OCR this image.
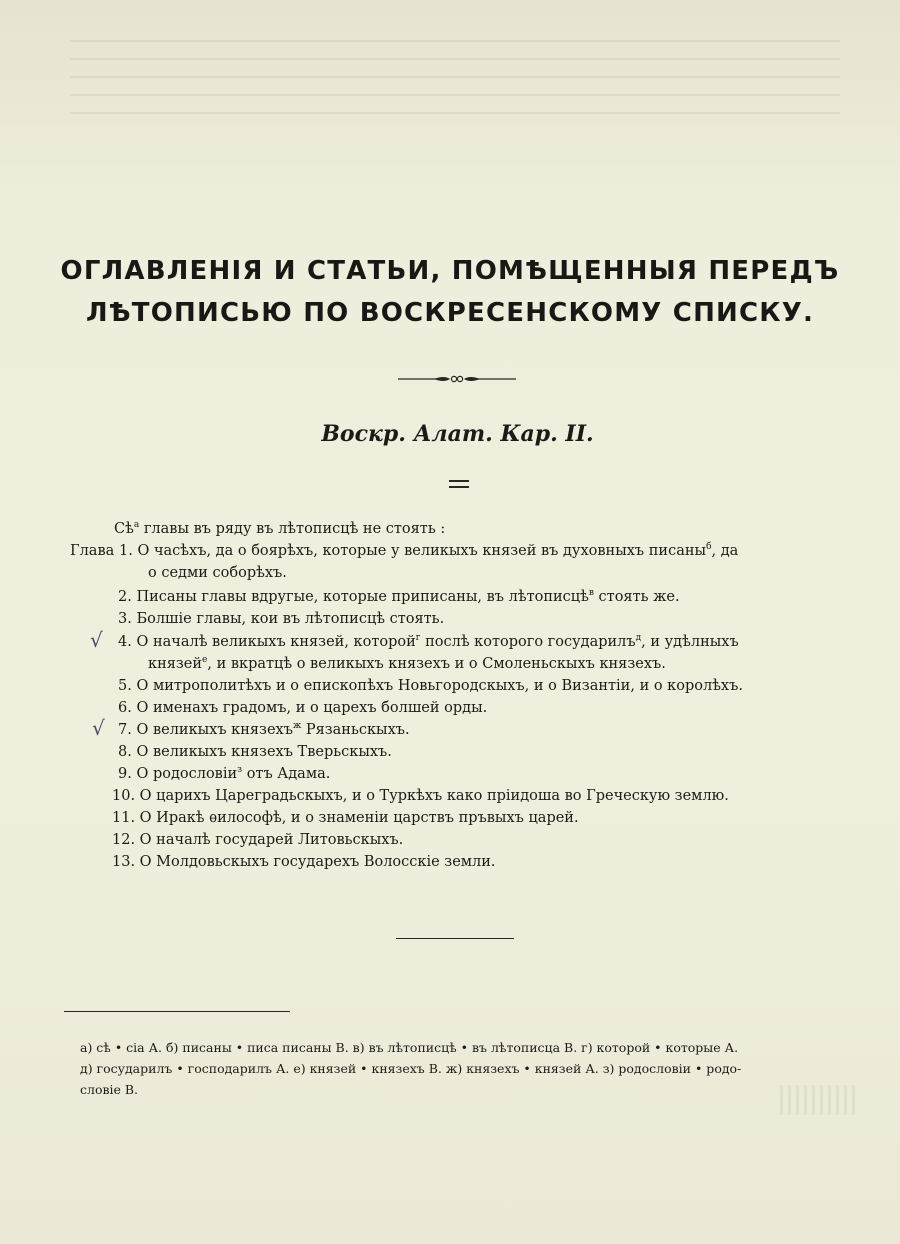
ОГЛАВЛЕНІЯ И СТАТЬИ, ПОМѢЩЕННЫЯ ПЕРЕДЪ
ЛѢТОПИСЬЮ ПО ВОСКРЕСЕНСКОМУ СПИСКУ.
Воскр. Алат. Кар. II.
$Сѣ^а$ главы въ ряду въ лѣтописцѣ не стоять :
Глава 1. О часѣхъ, да о боярѣхъ, которые у великыхъ князей въ духовныхъ писаны$^б$, да
о седми соборѣхъ.
2. Писаны главы вдругые, которые приписаны, въ лѣтописцѣ$^в$ стоять же.
3. Болшіе главы, кои въ лѣтописцѣ стоять.
√ 4. О началѣ великыхъ князей, которой$^г$ послѣ которого государилъ$^д$, и удѣлныхъ
князей$^е$, и вкратцѣ о великыхъ князехъ и о Смоленьскыхъ князехъ.
5. О митрополитѣхъ и о епископѣхъ Новьгородскыхъ, и о Византіи, и о королѣхъ.
6. О именахъ градомъ, и о царехъ болшей орды.
√ 7. О великыхъ князехъ$^ж$ Рязаньскыхъ.
8. О великыхъ князехъ Тверьскыхъ.
9. О родословіи$^з$ отъ Адама.
10. О царихъ Цареградьскыхъ, и о Туркѣхъ како пріидоша во Греческую землю.
11. О Иракѣ ѳилософѣ, и о знаменіи царствъ пръвыхъ царей.
12. О началѣ государей Литовьскыхъ.
13. О Молдовьскыхъ государехъ Волосскіе земли.
а) сѣ • сіа А. б) писаны • писа писаны В. в) въ лѣтописцѣ • въ лѣтописца В. г) которой • которые А.
д) государилъ • господарилъ А. е) князей • князехъ В. ж) князехъ • князей А. з) родословіи • родо-
словіе В.
